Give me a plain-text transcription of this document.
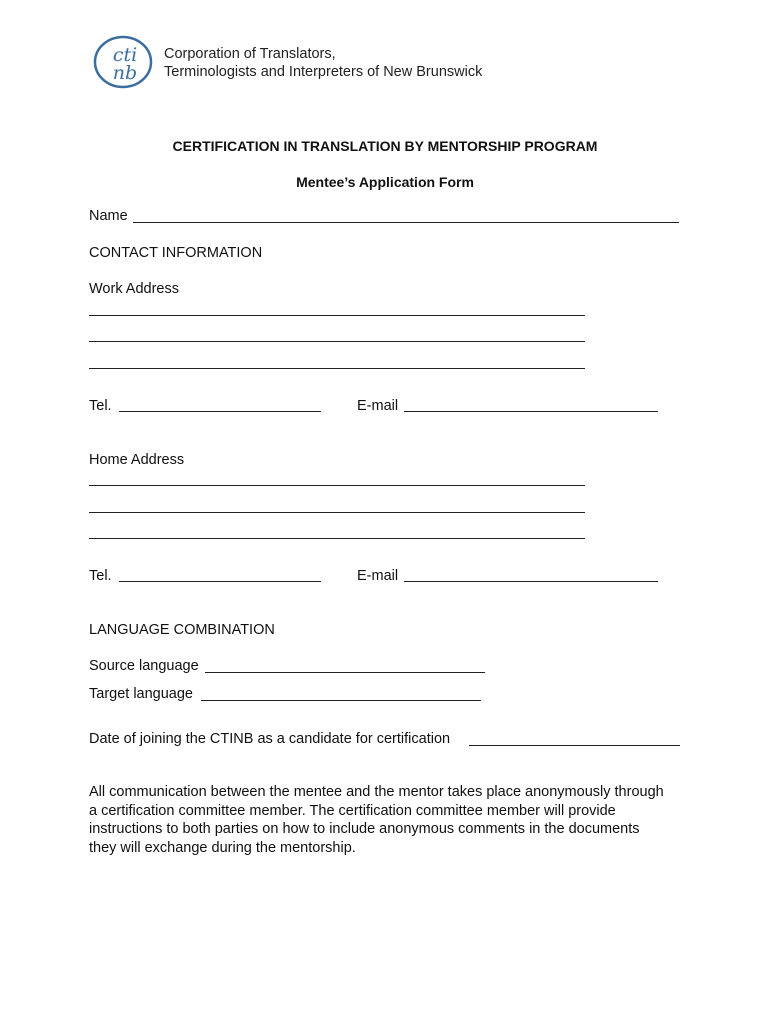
cti
nb
Corporation of Translators,
Terminologists and Interpreters of New Brunswick
CERTIFICATION IN TRANSLATION BY MENTORSHIP PROGRAM
Mentee’s Application Form
Name
CONTACT INFORMATION
Work Address
Tel.	E-mail
Home Address
Tel.	E-mail
LANGUAGE COMBINATION
Source language
Target language
Date of joining the CTINB as a candidate for certification
All communication between the mentee and the mentor takes place anonymously through a certification committee member. The certification committee member will provide instructions to both parties on how to include anonymous comments in the documents they will exchange during the mentorship.
